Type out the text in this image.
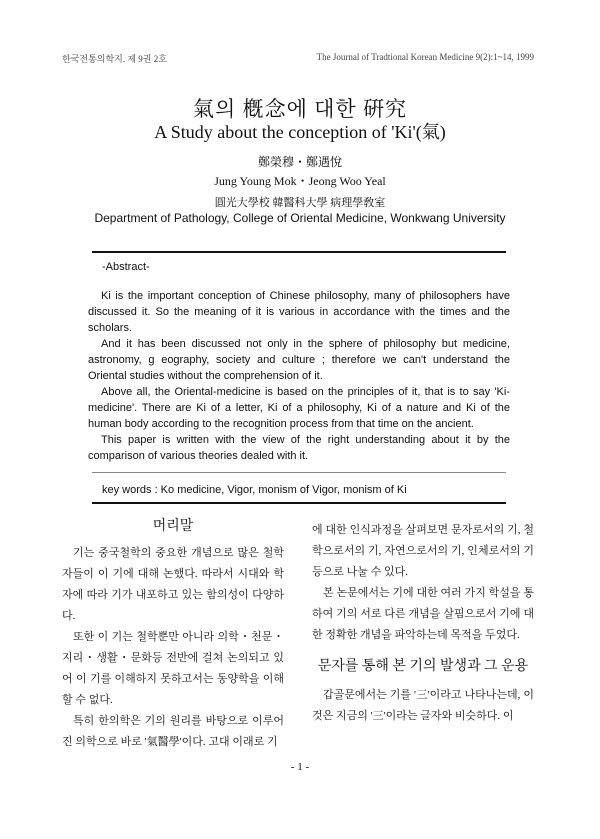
한국전통의학지. 제 9권 2호	The Journal of Tradtional Korean Medicine 9(2):1~14, 1999
氣의 槪念에 대한 硏究
A Study about the conception of 'Ki'(氣)
鄭榮穆・鄭遇悅
Jung Young Mok・Jeong Woo Yeal
圓光大學校 韓醫科大學 病理學敎室
Department of Pathology, College of Oriental Medicine, Wonkwang University
-Abstract-

Ki is the important conception of Chinese philosophy, many of philosophers have discussed it. So the meaning of it is various in accordance with the times and the scholars.

And it has been discussed not only in the sphere of philosophy but medicine, astronomy, g eography, society and culture ; therefore we can't understand the Oriental studies without the comprehension of it.

Above all, the Oriental-medicine is based on the principles of it, that is to say 'Ki-medicine'. There are Ki of a letter, Ki of a philosophy, Ki of a nature and Ki of the human body according to the recognition process from that time on the ancient.

This paper is written with the view of the right understanding about it by the comparison of various theories dealed with it.

key words : Ko medicine, Vigor, monism of Vigor, monism of Ki
머리말

기는 중국철학의 중요한 개념으로 많은 철학자들이 이 기에 대해 논했다. 따라서 시대와 학자에 따라 기가 내포하고 있는 함의성이 다양하다.

또한 이 기는 철학뿐만 아니라 의학・천문・지리・생활・문화등 전반에 걸쳐 논의되고 있어 이 기를 이해하지 못하고서는 동양학을 이해 할 수 없다.

특히 한의학은 기의 원리를 바탕으로 이루어진 의학으로 바로 '氣醫學'이다. 고대 이래로 기

에 대한 인식과정을 살펴보면 문자로서의 기, 철학으로서의 기, 자연으로서의 기, 인체로서의 기 등으로 나눌 수 있다.

본 논문에서는 기에 대한 여러 가지 학설을 통하여 기의 서로 다른 개념을 살핌으로서 기에 대한 정확한 개념을 파악하는데 목적을 두었다.

문자를 통해 본 기의 발생과 그 운용

갑골문에서는 기를 '三'이라고 나타나는데, 이것은 지금의 '三'이라는 글자와 비슷하다. 이

- 1 -
